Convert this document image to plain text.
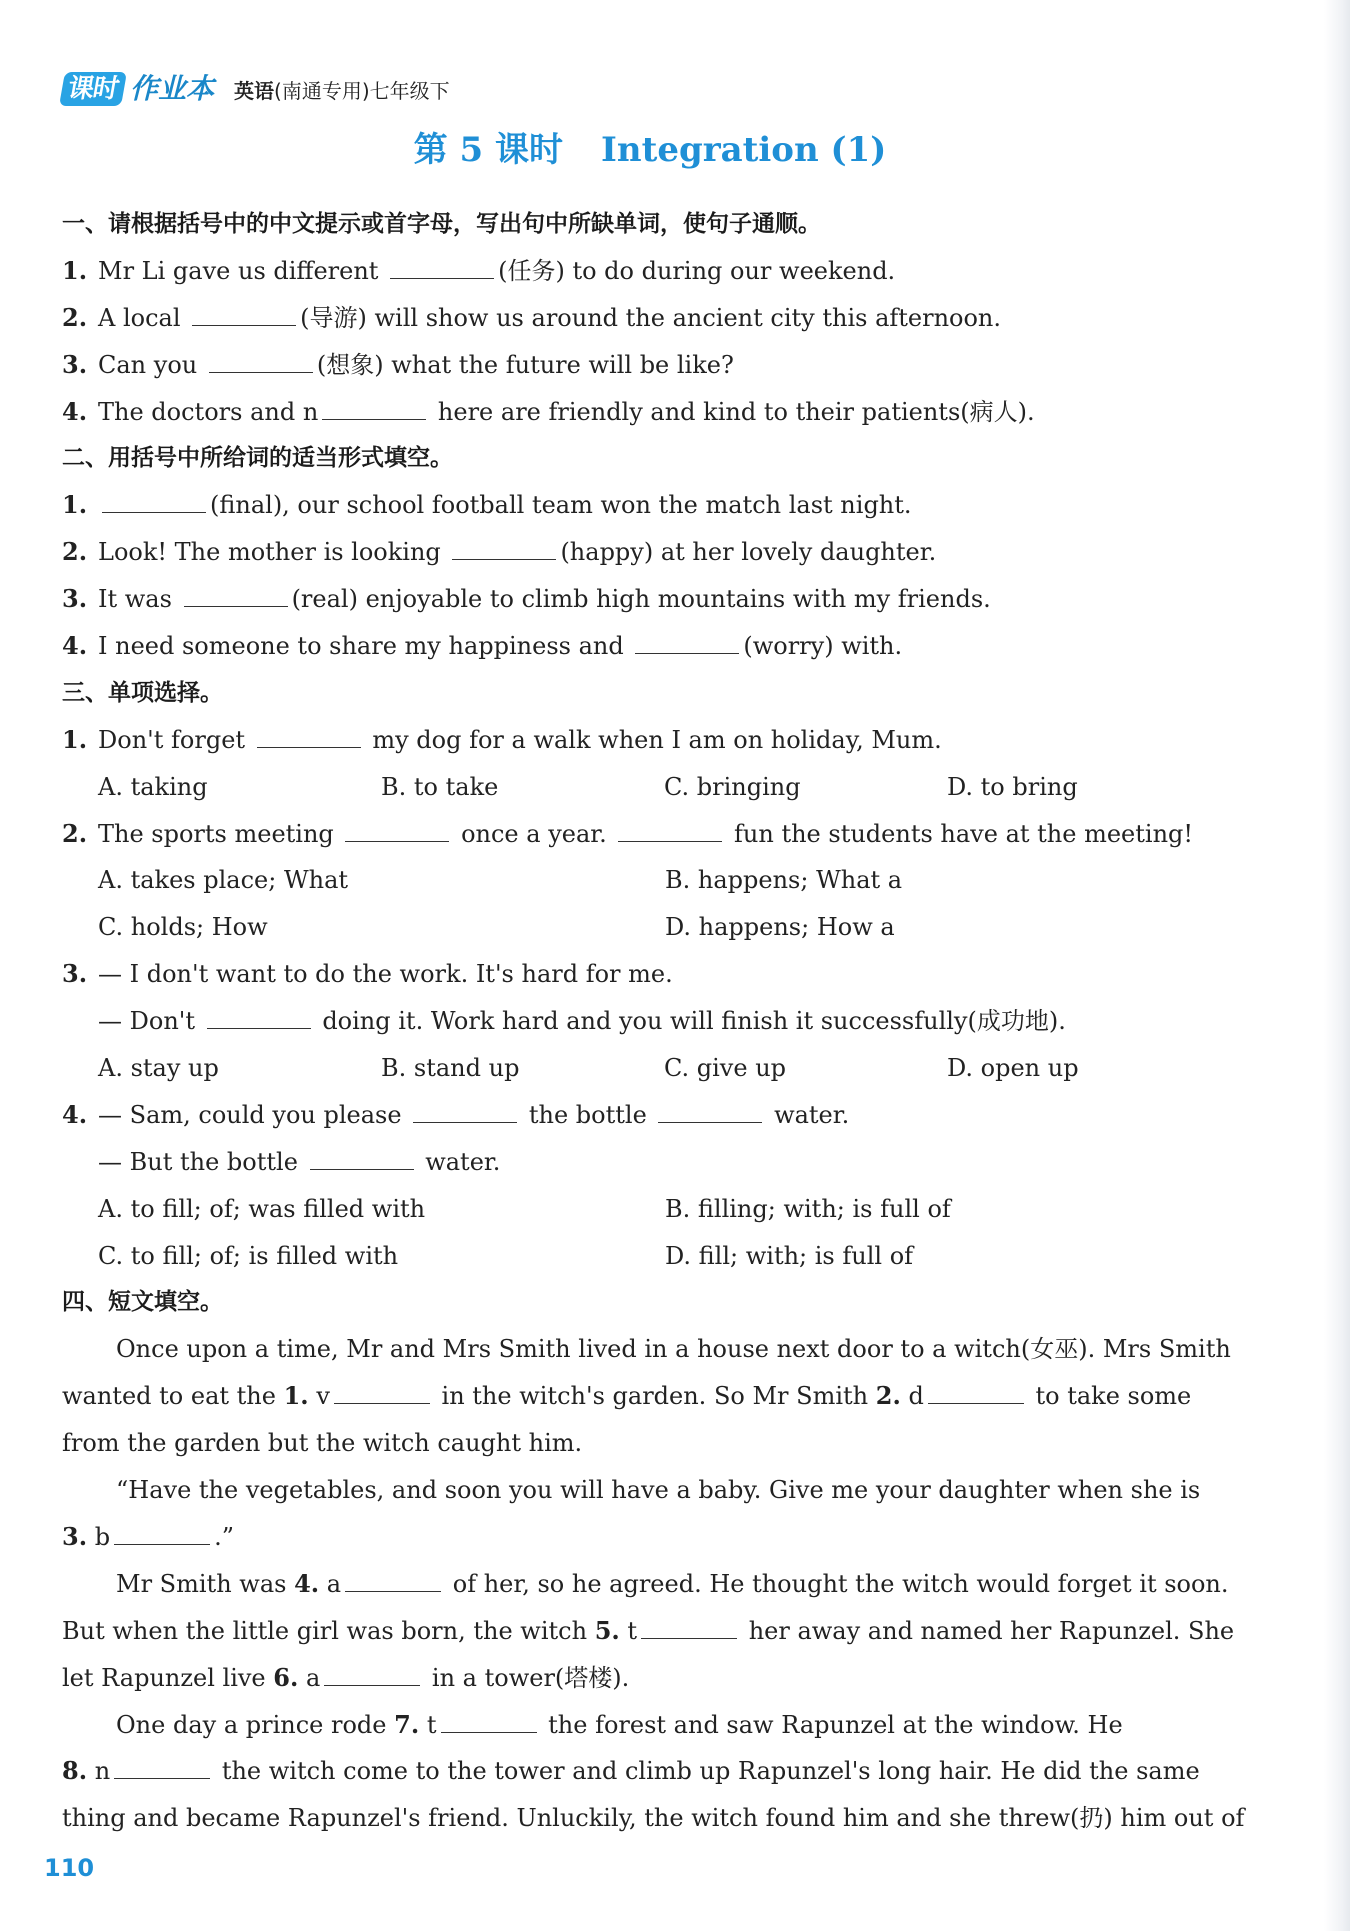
课时 作业本 英语(南通专用)七年级下
第 5 课时 Integration (1)
一、请根据括号中的中文提示或首字母，写出句中所缺单词，使句子通顺。
1. Mr Li gave us different	(任务) to do during our weekend.
2. A local	(导游) will show us around the ancient city this afternoon.
3. Can you	(想象) what the future will be like?
4. The doctors and n	here are friendly and kind to their patients(病人).
二、用括号中所给词的适当形式填空。
1.	(final), our school football team won the match last night.
2. Look! The mother is looking	(happy) at her lovely daughter.
3. It was	(real) enjoyable to climb high mountains with my friends.
4. I need someone to share my happiness and	(worry) with.
三、单项选择。
1. Don't forget	my dog for a walk when I am on holiday, Mum.
A. taking	B. to take	C. bringing	D. to bring
2. The sports meeting	once a year.	fun the students have at the meeting!
A. takes place; What	B. happens; What a
C. holds; How	D. happens; How a
3. — I don't want to do the work. It's hard for me.
— Don't	doing it. Work hard and you will finish it successfully(成功地).
A. stay up	B. stand up	C. give up	D. open up
4. — Sam, could you please	the bottle	water.
— But the bottle	water.
A. to fill; of; was filled with	B. filling; with; is full of
C. to fill; of; is filled with	D. fill; with; is full of
四、短文填空。
Once upon a time, Mr and Mrs Smith lived in a house next door to a witch(女巫). Mrs Smith
wanted to eat the 1. v	in the witch's garden. So Mr Smith 2. d	to take some
from the garden but the witch caught him.
“Have the vegetables, and soon you will have a baby. Give me your daughter when she is
3. b	.”
Mr Smith was 4. a	of her, so he agreed. He thought the witch would forget it soon.
But when the little girl was born, the witch 5. t	her away and named her Rapunzel. She
let Rapunzel live 6. a	in a tower(塔楼).
One day a prince rode 7. t	the forest and saw Rapunzel at the window. He
8. n	the witch come to the tower and climb up Rapunzel's long hair. He did the same
thing and became Rapunzel's friend. Unluckily, the witch found him and she threw(扔) him out of
110
